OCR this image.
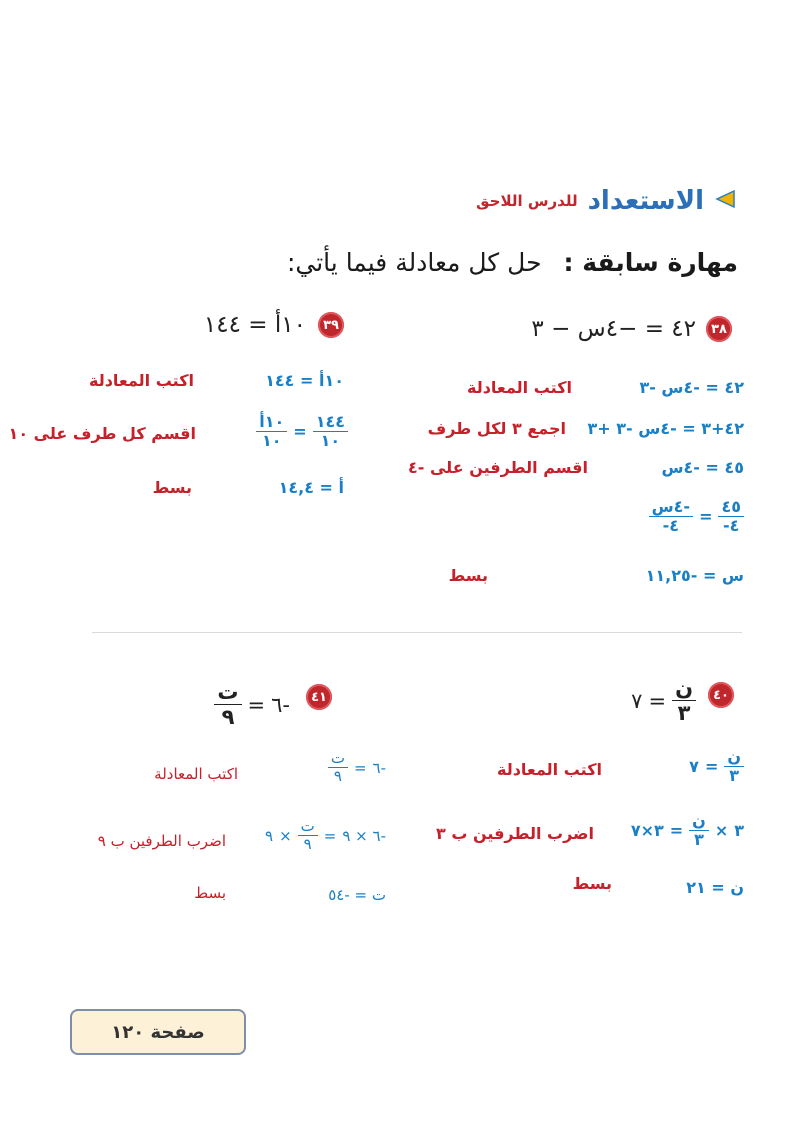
الاستعداد
للدرس اللاحق
مهارة سابقة :
حل كل معادلة فيما يأتي:
٣٨
٤٢ = −٤س − ٣
٤٢ = -٤س -٣
اكتب المعادلة
٤٢+٣ = -٤س -٣ +٣
اجمع ٣ لكل طرف
٤٥ = -٤س
اقسم الطرفين على -٤
$\frac{٤٥}{٤-}$
=
$\frac{\text{-٤س}}{٤-}$
س = -١١,٢٥
بسط
٣٩
١٠أ = ١٤٤
١٠أ = ١٤٤
اكتب المعادلة
$\frac{١٤٤}{١٠}$
=
$\frac{\text{١٠أ}}{١٠}$
اقسم كل طرف على ١٠
أ = ١٤,٤
بسط
٤٠
$\frac{\text{ن}}{٣}$
=
٧
$\frac{\text{ن}}{٣}$
=
٧
اكتب المعادلة
٣
×
$\frac{\text{ن}}{٣}$
=
٣×٧
اضرب الطرفين ب ٣
ن = ٢١
بسط
٤١
-٦
=
$\frac{\text{ت}}{٩}$
-٦
=
$\frac{\text{ت}}{٩}$
اكتب المعادلة
-٦ × ٩
=
$\frac{\text{ت}}{٩}$
×
٩
اضرب الطرفين ب ٩
ت = -٥٤
بسط
صفحة ١٢٠
